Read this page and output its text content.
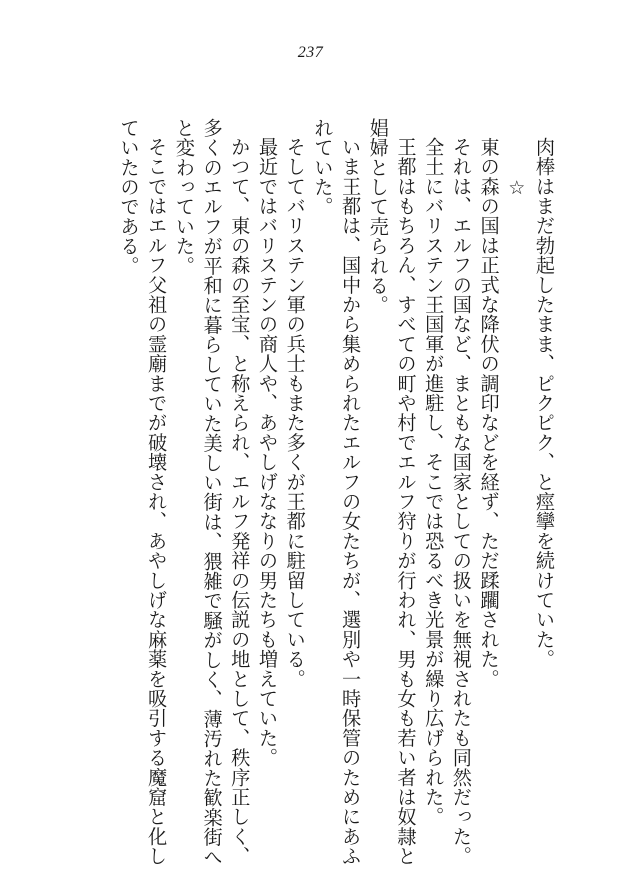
237
肉棒はまだ勃起したまま、ピクピク、と痙攣を続けていた。
☆
東の森の国は正式な降伏の調印などを経ず、ただ蹂躙された。
それは、エルフの国など、まともな国家としての扱いを無視されたも同然だった。
全土にバリステン王国軍が進駐し、そこでは恐るべき光景が繰り広げられた。
王都はもちろん、すべての町や村でエルフ狩りが行われ、男も女も若い者は奴隷と
娼婦として売られる。
いま王都は、国中から集められたエルフの女たちが、選別や一時保管のためにあふ
れていた。
そしてバリステン軍の兵士もまた多くが王都に駐留している。
最近ではバリステンの商人や、あやしげななりの男たちも増えていた。
かつて、東の森の至宝、と称えられ、エルフ発祥の伝説の地として、秩序正しく、
多くのエルフが平和に暮らしていた美しい街は、猥雑で騒がしく、薄汚れた歓楽街へ
と変わっていた。
そこではエルフ父祖の霊廟までが破壊され、あやしげな麻薬を吸引する魔窟と化し
ていたのである。
